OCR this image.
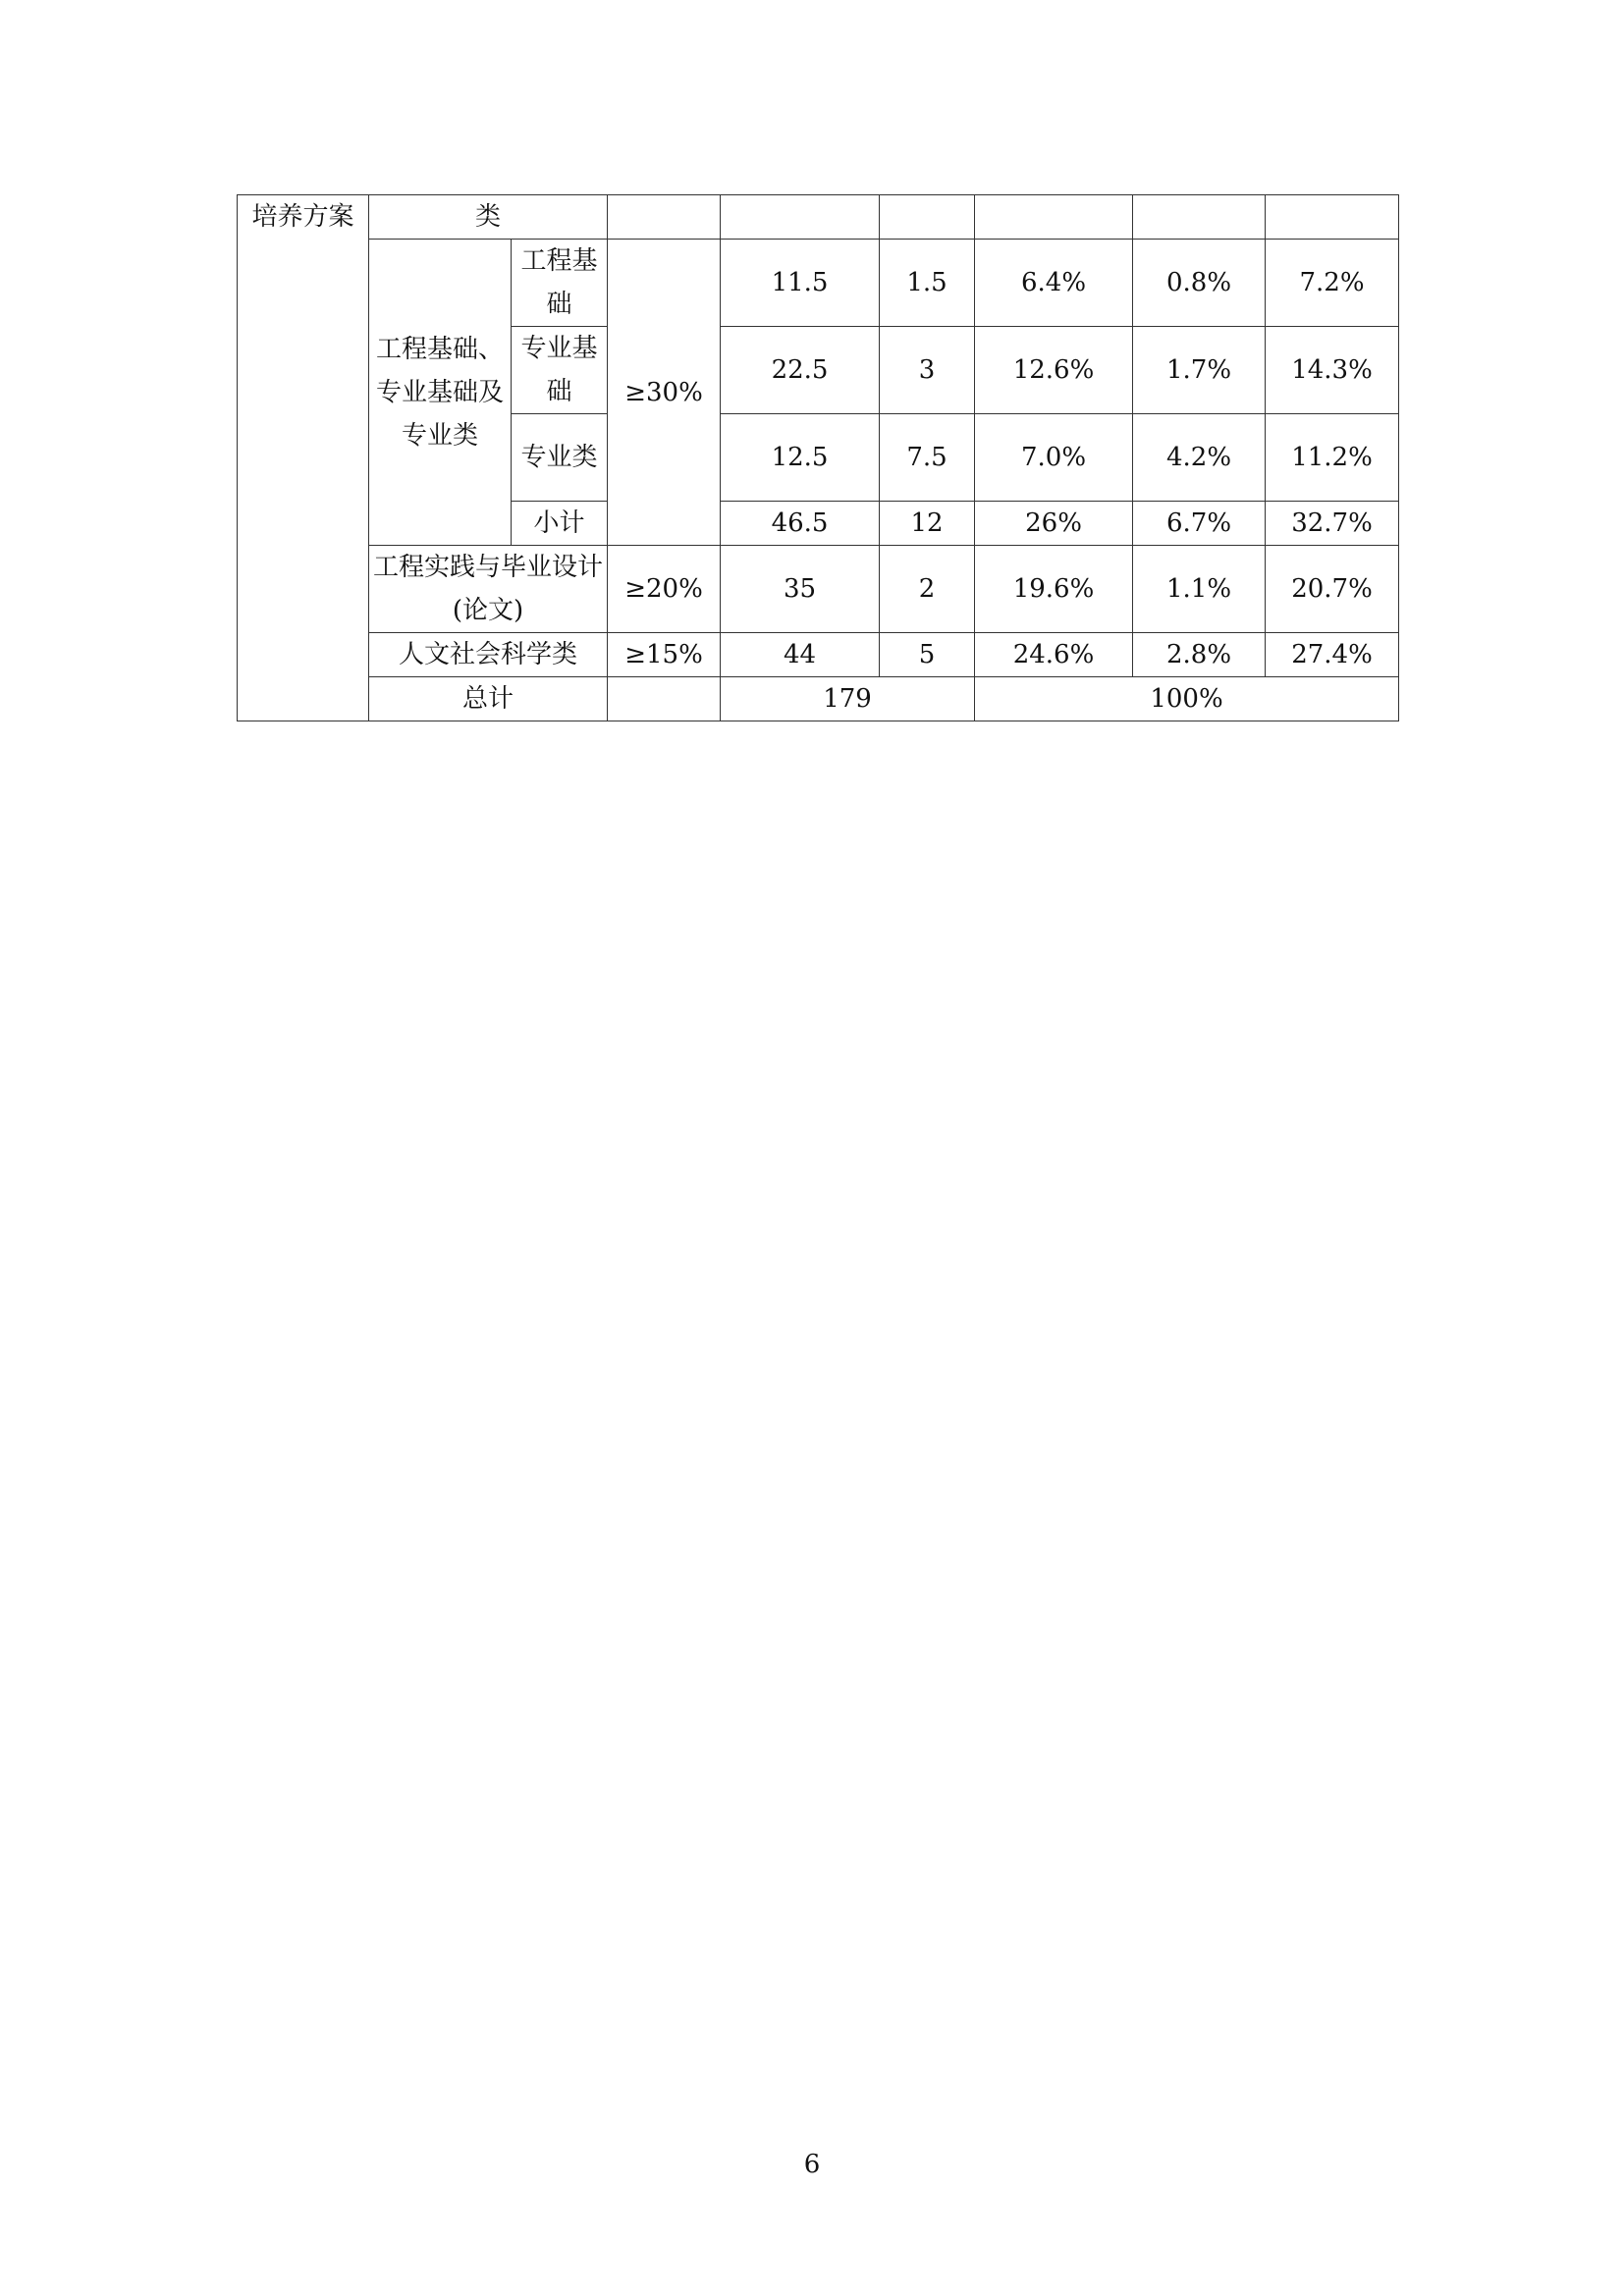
培养方案	类							
	工程基础、专业基础及专业类	工程基础	≥30%	11.5	1.5	6.4%	0.8%	7.2%
		专业基础		22.5	3	12.6%	1.7%	14.3%
		专业类		12.5	7.5	7.0%	4.2%	11.2%
		小计		46.5	12	26%	6.7%	32.7%
	工程实践与毕业设计(论文)		≥20%	35	2	19.6%	1.1%	20.7%
	人文社会科学类		≥15%	44	5	24.6%	2.8%	27.4%
	总计			179		100%		
6
